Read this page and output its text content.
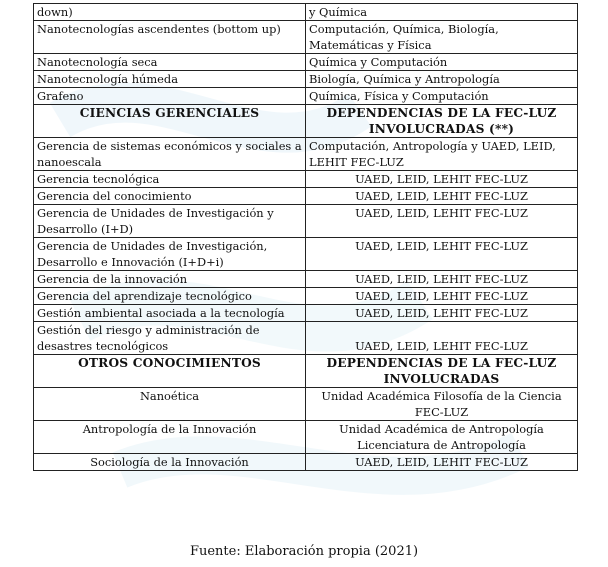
down)	y Química
Nanotecnologías ascendentes (bottom up)	Computación, Química, Biología, Matemáticas y Física
Nanotecnología seca	Química y Computación
Nanotecnología húmeda	Biología, Química y Antropología
Grafeno	Química, Física y Computación
CIENCIAS GERENCIALES	DEPENDENCIAS DE LA FEC-LUZ INVOLUCRADAS (**)
Gerencia de sistemas económicos y sociales a nanoescala	Computación, Antropología y UAED, LEID, LEHIT FEC-LUZ
Gerencia tecnológica	UAED, LEID, LEHIT FEC-LUZ
Gerencia del conocimiento	UAED, LEID, LEHIT FEC-LUZ
Gerencia de Unidades de Investigación y Desarrollo (I+D)	UAED, LEID, LEHIT FEC-LUZ
Gerencia de Unidades de Investigación, Desarrollo e Innovación (I+D+i)	UAED, LEID, LEHIT FEC-LUZ
Gerencia de la innovación	UAED, LEID, LEHIT FEC-LUZ
Gerencia del aprendizaje tecnológico	UAED, LEID, LEHIT FEC-LUZ
Gestión ambiental asociada a la tecnología	UAED, LEID, LEHIT FEC-LUZ
Gestión del riesgo y administración de desastres tecnológicos	UAED, LEID, LEHIT FEC-LUZ
OTROS CONOCIMIENTOS	DEPENDENCIAS DE LA FEC-LUZ INVOLUCRADAS
Nanoética	Unidad Académica Filosofía de la Ciencia FEC-LUZ
Antropología de la Innovación	Unidad Académica de Antropología Licenciatura de Antropología
Sociología de la Innovación	UAED, LEID, LEHIT FEC-LUZ
Fuente: Elaboración propia (2021)
